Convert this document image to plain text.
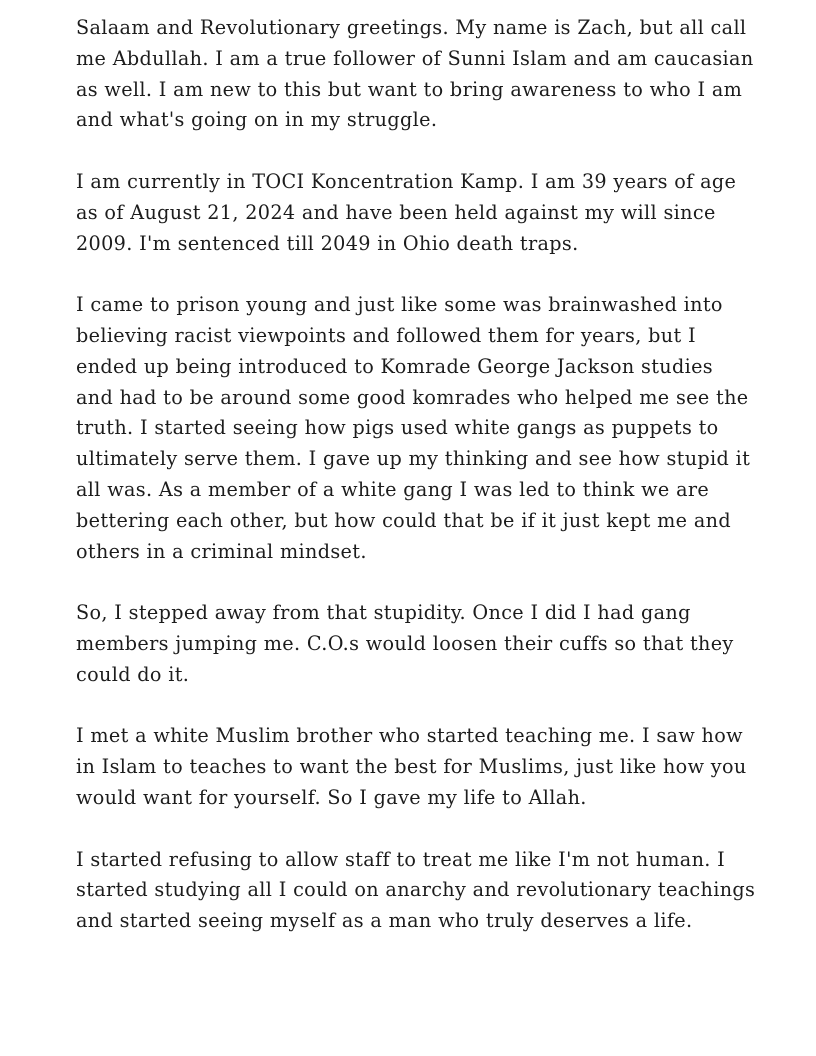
Salaam and Revolutionary greetings. My name is Zach, but all call me Abdullah. I am a true follower of Sunni Islam and am caucasian as well. I am new to this but want to bring awareness to who I am and what's going on in my struggle.

I am currently in TOCI Koncentration Kamp. I am 39 years of age as of August 21, 2024 and have been held against my will since 2009. I'm sentenced till 2049 in Ohio death traps.

I came to prison young and just like some was brainwashed into believing racist viewpoints and followed them for years, but I ended up being introduced to Komrade George Jackson studies and had to be around some good komrades who helped me see the truth. I started seeing how pigs used white gangs as puppets to ultimately serve them. I gave up my thinking and see how stupid it all was. As a member of a white gang I was led to think we are bettering each other, but how could that be if it just kept me and others in a criminal mindset.

So, I stepped away from that stupidity. Once I did I had gang members jumping me. C.O.s would loosen their cuffs so that they could do it.

I met a white Muslim brother who started teaching me. I saw how in Islam to teaches to want the best for Muslims, just like how you would want for yourself. So I gave my life to Allah.

I started refusing to allow staff to treat me like I'm not human. I started studying all I could on anarchy and revolutionary teachings and started seeing myself as a man who truly deserves a life.
